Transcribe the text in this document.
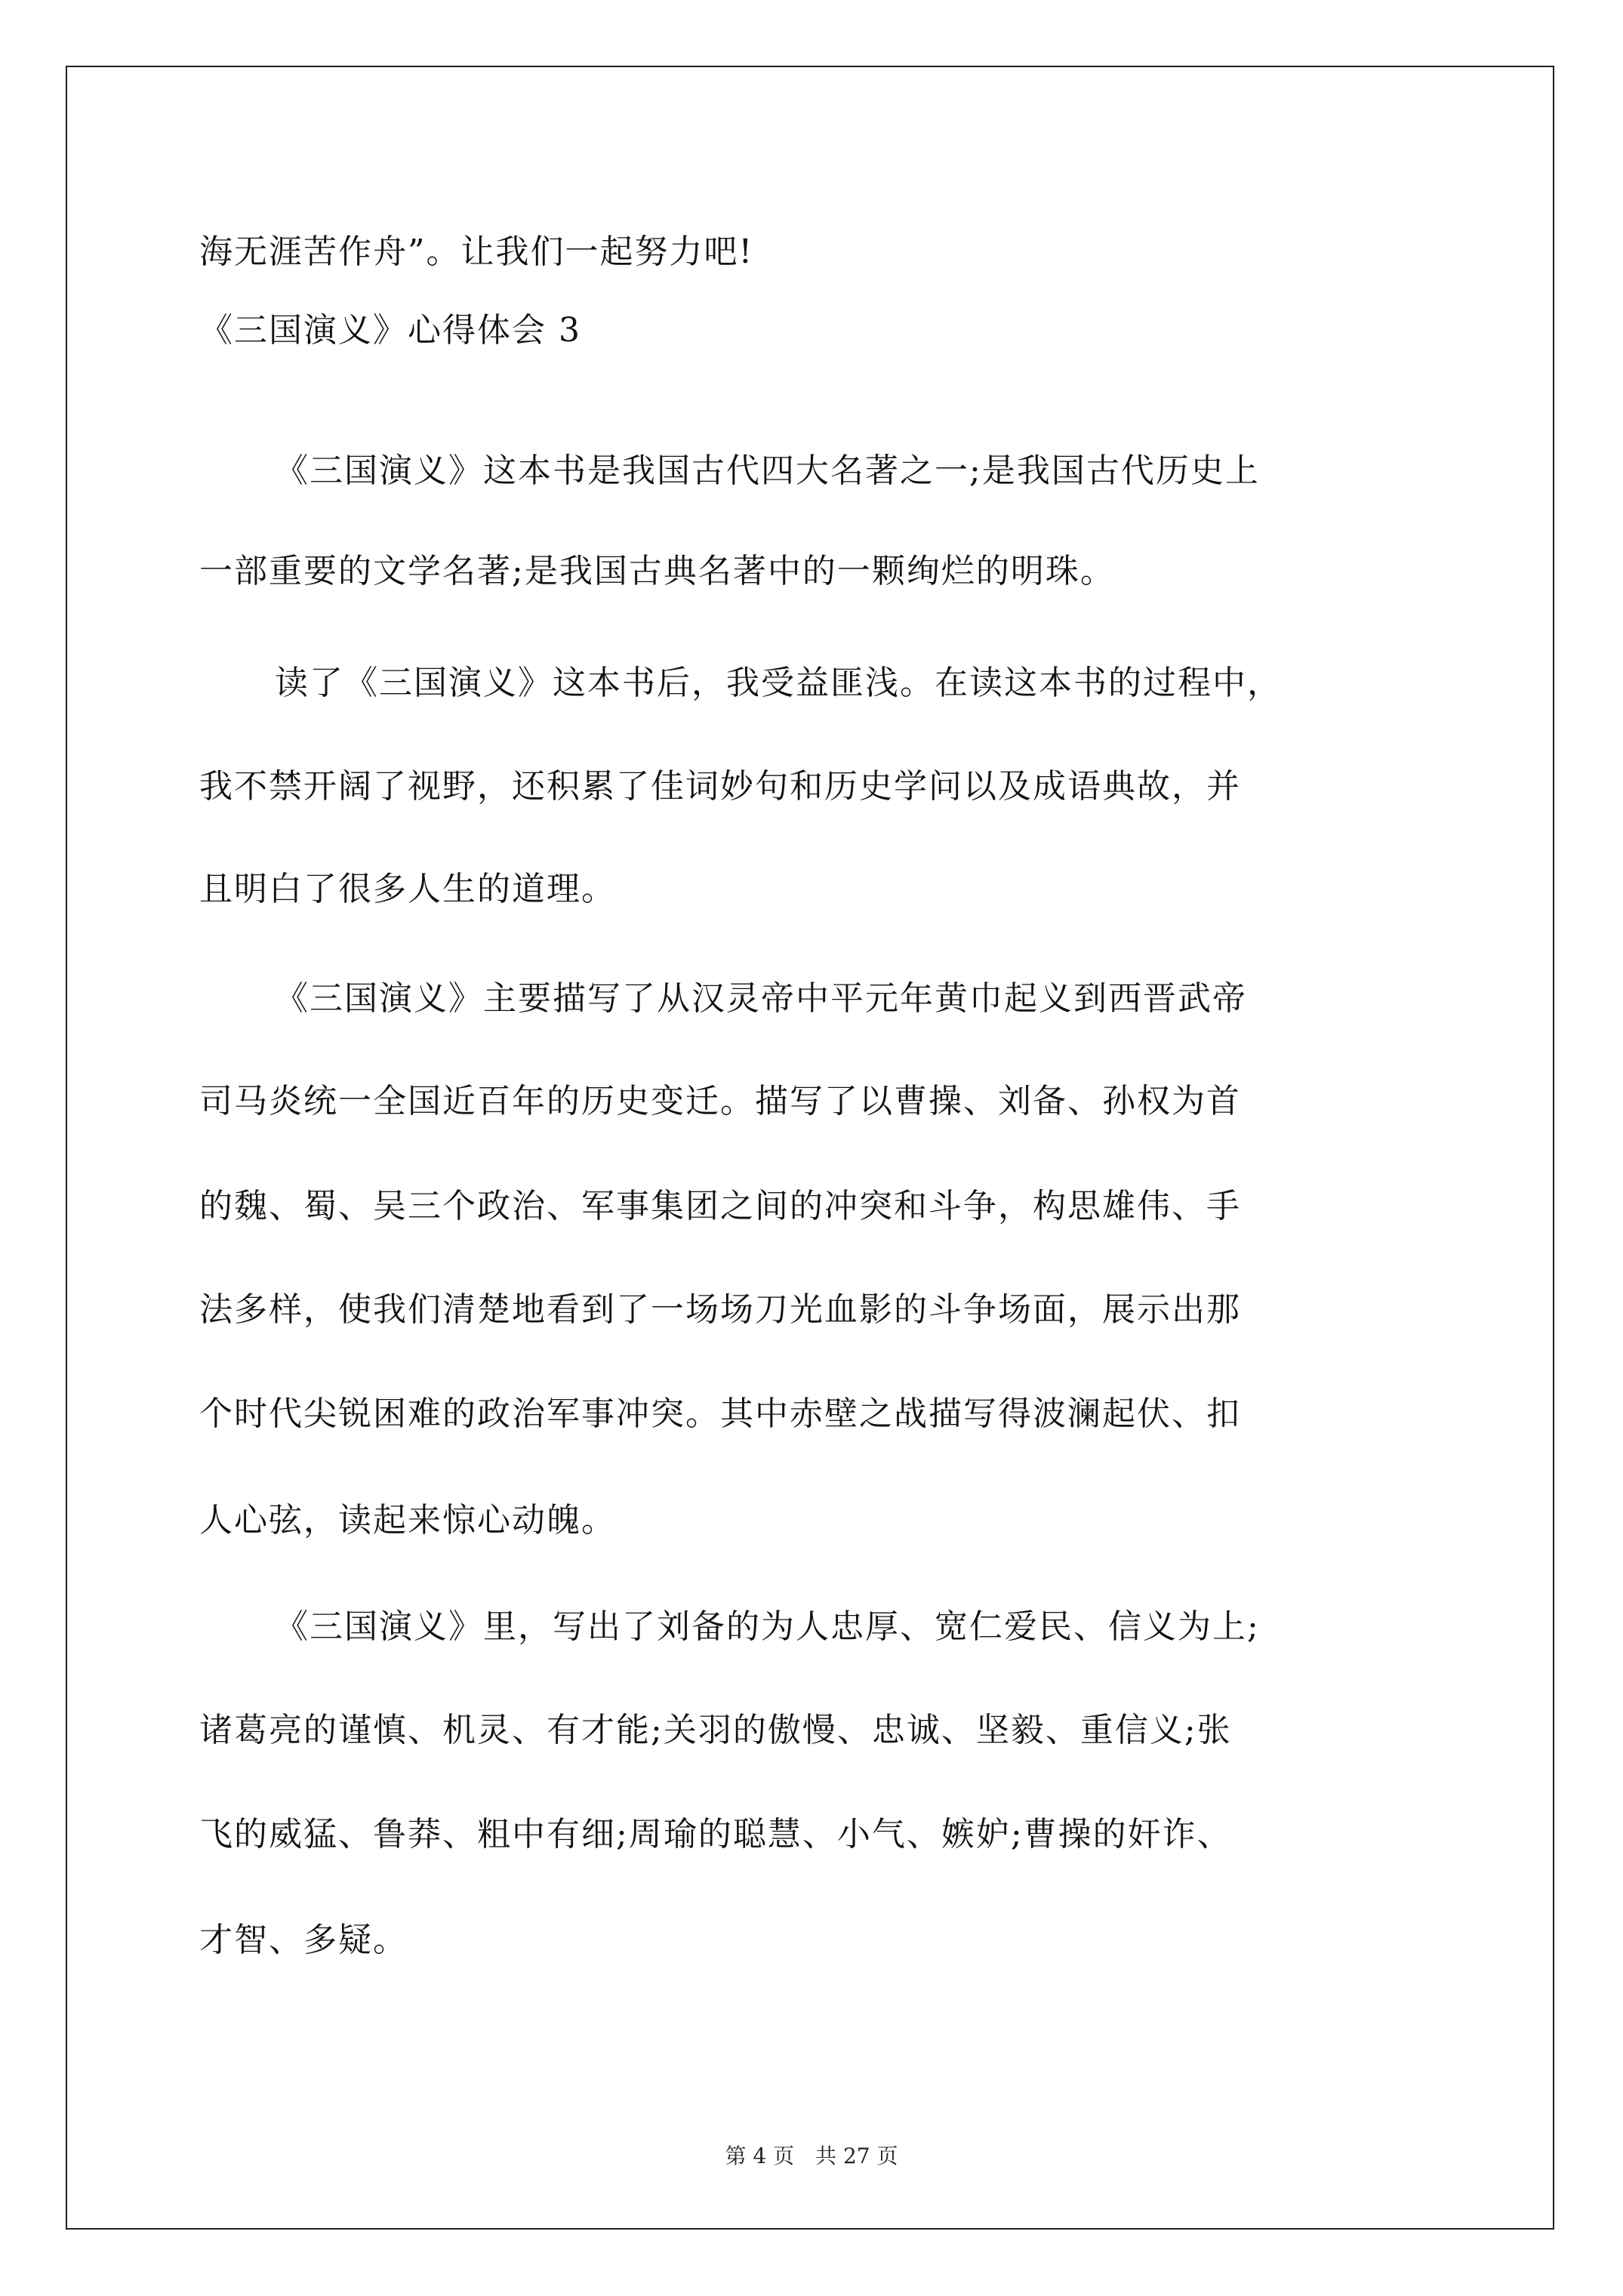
海无涯苦作舟”。让我们一起努力吧!
《三国演义》心得体会 3
《三国演义》这本书是我国古代四大名著之一;是我国古代历史上
一部重要的文学名著;是我国古典名著中的一颗绚烂的明珠。
读了《三国演义》这本书后，我受益匪浅。在读这本书的过程中，
我不禁开阔了视野，还积累了佳词妙句和历史学问以及成语典故，并
且明白了很多人生的道理。
《三国演义》主要描写了从汉灵帝中平元年黄巾起义到西晋武帝
司马炎统一全国近百年的历史变迁。描写了以曹操、刘备、孙权为首
的魏、蜀、吴三个政治、军事集团之间的冲突和斗争，构思雄伟、手
法多样，使我们清楚地看到了一场场刀光血影的斗争场面，展示出那
个时代尖锐困难的政治军事冲突。其中赤壁之战描写得波澜起伏、扣
人心弦，读起来惊心动魄。
《三国演义》里，写出了刘备的为人忠厚、宽仁爱民、信义为上;
诸葛亮的谨慎、机灵、有才能;关羽的傲慢、忠诚、坚毅、重信义;张
飞的威猛、鲁莽、粗中有细;周瑜的聪慧、小气、嫉妒;曹操的奸诈、
才智、多疑。
第 4 页 共 27 页
